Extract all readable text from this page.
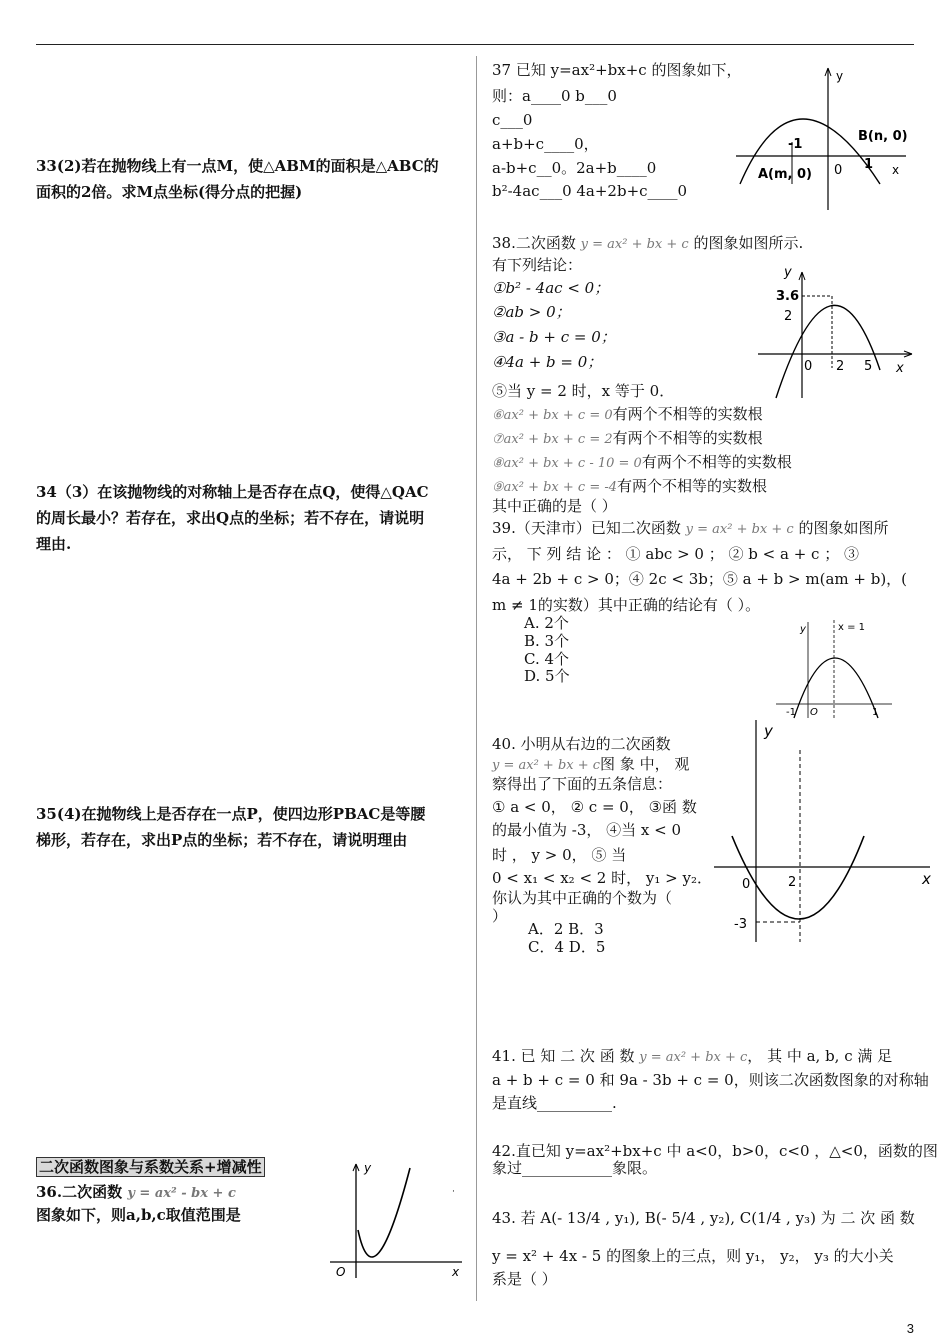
33(2)若在抛物线上有一点M，使△ABM的面积是△ABC的
面积的2倍。求M点坐标(得分点的把握)
34（3）在该抛物线的对称轴上是否存在点Q，使得△QAC
的周长最小？若存在，求出Q点的坐标；若不存在，请说明
理由.
35(4)在抛物线上是否存在一点P，使四边形PBAC是等腰
梯形，若存在，求出P点的坐标；若不存在，请说明理由
二次函数图象与系数关系+增减性
36.二次函数 y = ax² - bx + c
图象如下，则a,b,c取值范围是
y
x
O
·
37 已知 y=ax²+bx+c 的图象如下，
则：a____0 b___0
c___0
a+b+c____0，
a-b+c__0。2a+b____0
b²-4ac___0 4a+2b+c____0
y
x
-1
0 1
A(m, 0)
B(n, 0)
38.二次函数 y = ax² + bx + c 的图象如图所示.
有下列结论：
①b² - 4ac < 0；
②ab > 0；
③a - b + c = 0；
④4a + b = 0；
⑤当 y = 2 时，x 等于 0．
⑥ax² + bx + c = 0有两个不相等的实数根
⑦ax² + bx + c = 2有两个不相等的实数根
⑧ax² + bx + c - 10 = 0有两个不相等的实数根
⑨ax² + bx + c = -4有两个不相等的实数根
其中正确的是（ ）
y
x
3.6
2
0 2 5
39.（天津市）已知二次函数 y = ax² + bx + c 的图象如图所
示， 下 列 结 论 ： ① abc > 0 ； ② b < a + c ； ③
4a + 2b + c > 0；④ 2c < 3b；⑤ a + b > m(am + b)，(
m ≠ 1的实数）其中正确的结论有（ ）。
A. 2个
B. 3个
C. 4个
D. 5个
y	x = 1
-1 O	1
40. 小明从右边的二次函数
y = ax² + bx + c图 象 中， 观
察得出了下面的五条信息：
① a < 0， ② c = 0， ③函 数
的最小值为 -3， ④当 x < 0
时 ， y > 0， ⑤ 当
0 < x₁ < x₂ < 2 时， y₁ > y₂．
你认为其中正确的个数为（
）
A．2 B．3
C．4 D．5
y
x
0	2
-3
41. 已 知 二 次 函 数 y = ax² + bx + c， 其 中 a, b, c 满 足
a + b + c = 0 和 9a - 3b + c = 0，则该二次函数图象的对称轴
是直线__________.
42.直已知 y=ax²+bx+c 中 a<0，b>0，c<0 ，△<0，函数的图
象过____________象限。
43. 若 A(- 13/4 , y₁), B(- 5/4 , y₂), C(1/4 , y₃) 为 二 次 函 数
y = x² + 4x - 5 的图象上的三点，则 y₁， y₂， y₃ 的大小关
系是（ ）
3
